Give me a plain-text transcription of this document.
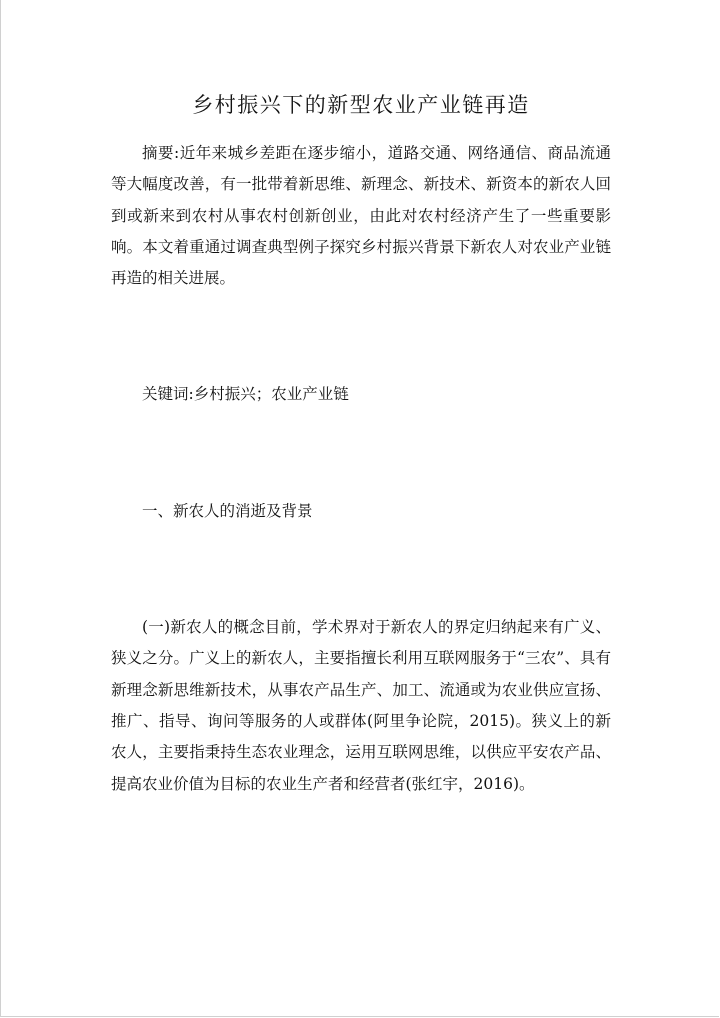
乡村振兴下的新型农业产业链再造

摘要:近年来城乡差距在逐步缩小，道路交通、网络通信、商品流通等大幅度改善，有一批带着新思维、新理念、新技术、新资本的新农人回到或新来到农村从事农村创新创业，由此对农村经济产生了一些重要影响。本文着重通过调查典型例子探究乡村振兴背景下新农人对农业产业链再造的相关进展。

关键词:乡村振兴；农业产业链

一、新农人的消逝及背景

(一)新农人的概念目前，学术界对于新农人的界定归纳起来有广义、狭义之分。广义上的新农人，主要指擅长利用互联网服务于“三农”、具有新理念新思维新技术，从事农产品生产、加工、流通或为农业供应宣扬、推广、指导、询问等服务的人或群体(阿里争论院，2015)。狭义上的新农人，主要指秉持生态农业理念，运用互联网思维，以供应平安农产品、提高农业价值为目标的农业生产者和经营者(张红宇，2016)。
